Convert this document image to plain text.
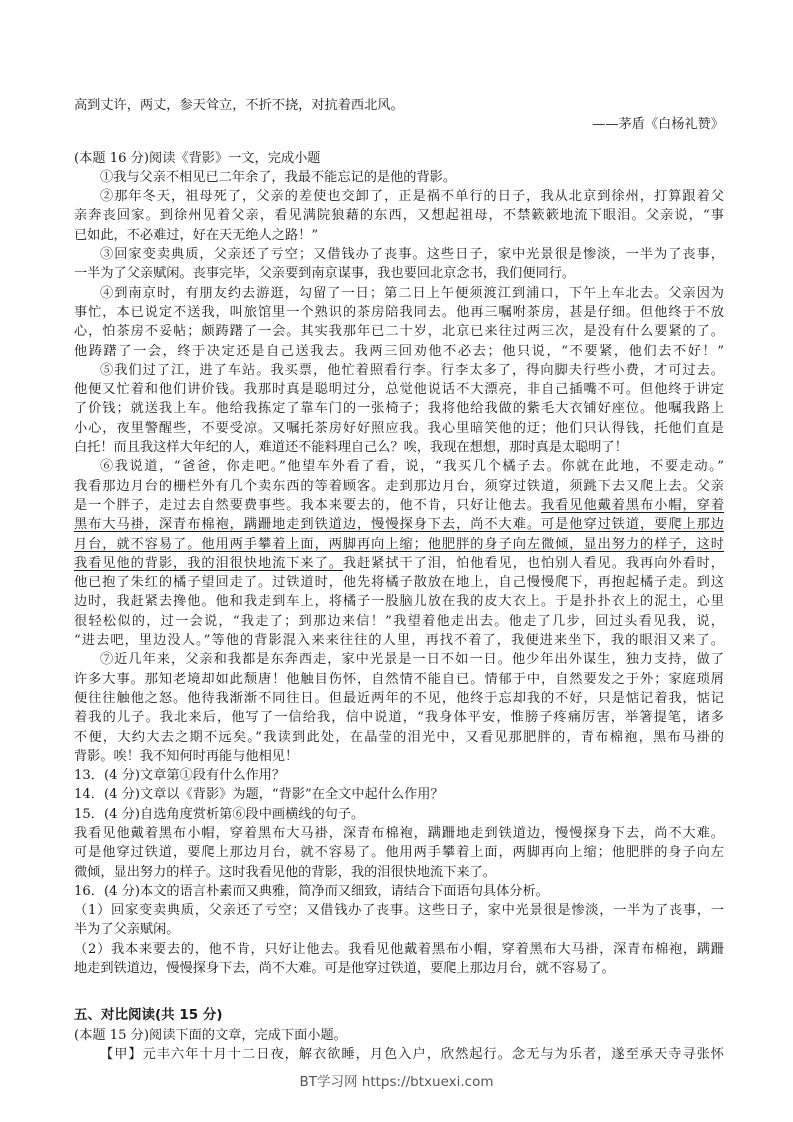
高到丈许，两丈，参天耸立，不折不挠，对抗着西北风。
——茅盾《白杨礼赞》
(本题 16 分)阅读《背影》一文，完成小题
①我与父亲不相见已二年余了，我最不能忘记的是他的背影。
②那年冬天，祖母死了，父亲的差使也交卸了，正是祸不单行的日子，我从北京到徐州，打算跟着父
亲奔丧回家。到徐州见着父亲，看见满院狼藉的东西，又想起祖母，不禁簌簌地流下眼泪。父亲说，“事
已如此，不必难过，好在天无绝人之路！”
③回家变卖典质，父亲还了亏空；又借钱办了丧事。这些日子，家中光景很是惨淡，一半为了丧事，
一半为了父亲赋闲。丧事完毕，父亲要到南京谋事，我也要回北京念书，我们便同行。
④到南京时，有朋友约去游逛，勾留了一日；第二日上午便须渡江到浦口，下午上车北去。父亲因为
事忙，本已说定不送我，叫旅馆里一个熟识的茶房陪我同去。他再三嘱咐茶房，甚是仔细。但他终于不放
心，怕茶房不妥帖；颇踌躇了一会。其实我那年已二十岁，北京已来往过两三次，是没有什么要紧的了。
他踌躇了一会，终于决定还是自己送我去。我两三回劝他不必去；他只说，“不要紧，他们去不好！”
⑤我们过了江，进了车站。我买票，他忙着照看行李。行李太多了，得向脚夫行些小费，才可过去。
他便又忙着和他们讲价钱。我那时真是聪明过分，总觉他说话不大漂亮，非自己插嘴不可。但他终于讲定
了价钱；就送我上车。他给我拣定了靠车门的一张椅子；我将他给我做的紫毛大衣铺好座位。他嘱我路上
小心，夜里警醒些，不要受凉。又嘱托茶房好好照应我。我心里暗笑他的迂；他们只认得钱，托他们直是
白托！而且我这样大年纪的人，难道还不能料理自己么？唉，我现在想想，那时真是太聪明了！
⑥我说道，“爸爸，你走吧。”他望车外看了看，说，“我买几个橘子去。你就在此地，不要走动。”
我看那边月台的栅栏外有几个卖东西的等着顾客。走到那边月台，须穿过铁道，须跳下去又爬上去。父亲
是一个胖子，走过去自然要费事些。我本来要去的，他不肯，只好让他去。我看见他戴着黑布小帽，穿着
黑布大马褂，深青布棉袍，蹒跚地走到铁道边，慢慢探身下去，尚不大难。可是他穿过铁道，要爬上那边
月台，就不容易了。他用两手攀着上面，两脚再向上缩；他肥胖的身子向左微倾，显出努力的样子，这时
我看见他的背影，我的泪很快地流下来了。我赶紧拭干了泪，怕他看见，也怕别人看见。我再向外看时，
他已抱了朱红的橘子望回走了。过铁道时，他先将橘子散放在地上，自己慢慢爬下，再抱起橘子走。到这
边时，我赶紧去搀他。他和我走到车上，将橘子一股脑儿放在我的皮大衣上。于是扑扑衣上的泥土，心里
很轻松似的，过一会说，“我走了；到那边来信！”我望着他走出去。他走了几步，回过头看见我，说，
“进去吧，里边没人。”等他的背影混入来来往往的人里，再找不着了，我便进来坐下，我的眼泪又来了。
⑦近几年来，父亲和我都是东奔西走，家中光景是一日不如一日。他少年出外谋生，独力支持，做了
许多大事。那知老境却如此颓唐！他触目伤怀，自然情不能自已。情郁于中，自然要发之于外；家庭琐屑
便往往触他之怒。他待我渐渐不同往日。但最近两年的不见，他终于忘却我的不好，只是惦记着我，惦记
着我的儿子。我北来后，他写了一信给我，信中说道，“我身体平安，惟膀子疼痛厉害，举箸提笔，诸多
不便，大约大去之期不远矣。”我读到此处，在晶莹的泪光中，又看见那肥胖的，青布棉袍，黑布马褂的
背影。唉！我不知何时再能与他相见！
13．(4 分)文章第①段有什么作用？
14．(4 分)文章以《背影》为题，“背影”在全文中起什么作用？
15．(4 分)自选角度赏析第⑥段中画横线的句子。
我看见他戴着黑布小帽，穿着黑布大马褂，深青布棉袍，蹒跚地走到铁道边，慢慢探身下去，尚不大难。
可是他穿过铁道，要爬上那边月台，就不容易了。他用两手攀着上面，两脚再向上缩；他肥胖的身子向左
微倾，显出努力的样子。这时我看见他的背影，我的泪很快地流下来了。
16．(4 分)本文的语言朴素而又典雅，简净而又细致，请结合下面语句具体分析。
（1）回家变卖典质，父亲还了亏空；又借钱办了丧事。这些日子，家中光景很是惨淡，一半为了丧事，一
半为了父亲赋闲。
（2）我本来要去的，他不肯，只好让他去。我看见他戴着黑布小帽，穿着黑布大马褂，深青布棉袍，蹒跚
地走到铁道边，慢慢探身下去，尚不大难。可是他穿过铁道，要爬上那边月台，就不容易了。
五、对比阅读(共 15 分)
(本题 15 分)阅读下面的文章，完成下面小题。
【甲】元丰六年十月十二日夜，解衣欲睡，月色入户，欣然起行。念无与为乐者，遂至承天寺寻张怀
BT学习网 https://btxuexi.com
